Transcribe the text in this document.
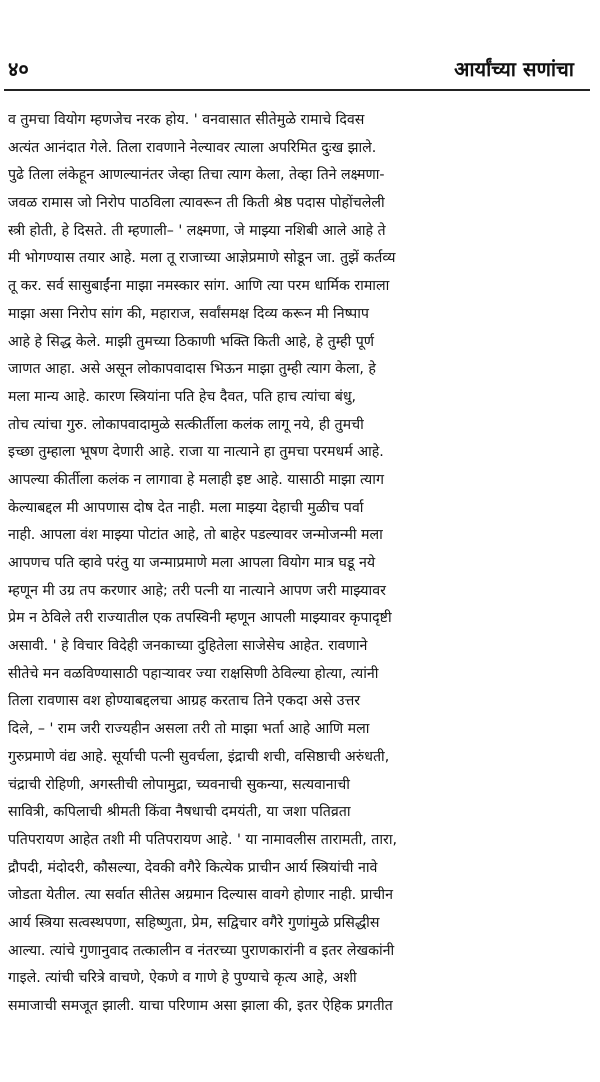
४०	आर्यांच्या सणांचा
व तुमचा वियोग म्हणजेच नरक होय. ' वनवासात सीतेमुळे रामाचे दिवस
अत्यंत आनंदात गेले. तिला रावणाने नेल्यावर त्याला अपरिमित दुःख झाले.
पुढे तिला लंकेहून आणल्यानंतर जेव्हा तिचा त्याग केला, तेव्हा तिने लक्ष्मणा-
जवळ रामास जो निरोप पाठविला त्यावरून ती किती श्रेष्ठ पदास पोहोंचलेली
स्त्री होती, हे दिसते. ती म्हणाली– ' लक्ष्मणा, जे माझ्या नशिबी आले आहे ते
मी भोगण्यास तयार आहे. मला तू राजाच्या आज्ञेप्रमाणे सोडून जा. तुझें कर्तव्य
तू कर. सर्व सासुबाईंना माझा नमस्कार सांग. आणि त्या परम धार्मिक रामाला
माझा असा निरोप सांग की, महाराज, सर्वांसमक्ष दिव्य करून मी निष्पाप
आहे हे सिद्ध केले. माझी तुमच्या ठिकाणी भक्ति किती आहे, हे तुम्ही पूर्ण
जाणत आहा. असे असून लोकापवादास भिऊन माझा तुम्ही त्याग केला, हे
मला मान्य आहे. कारण स्त्रियांना पति हेच दैवत, पति हाच त्यांचा बंधु,
तोच त्यांचा गुरु. लोकापवादामुळे सत्कीर्तीला कलंक लागू नये, ही तुमची
इच्छा तुम्हाला भूषण देणारी आहे. राजा या नात्याने हा तुमचा परमधर्म आहे.
आपल्या कीर्तीला कलंक न लागावा हे मलाही इष्ट आहे. यासाठी माझा त्याग
केल्याबद्दल मी आपणास दोष देत नाही. मला माझ्या देहाची मुळीच पर्वा
नाही. आपला वंश माझ्या पोटांत आहे, तो बाहेर पडल्यावर जन्मोजन्मी मला
आपणच पति व्हावे परंतु या जन्माप्रमाणे मला आपला वियोग मात्र घडू नये
म्हणून मी उग्र तप करणार आहे; तरी पत्नी या नात्याने आपण जरी माझ्यावर
प्रेम न ठेविले तरी राज्यातील एक तपस्विनी म्हणून आपली माझ्यावर कृपादृष्टी
असावी. ' हे विचार विदेही जनकाच्या दुहितेला साजेसेच आहेत. रावणाने
सीतेचे मन वळविण्यासाठी पहाऱ्यावर ज्या राक्षसिणी ठेविल्या होत्या, त्यांनी
तिला रावणास वश होण्याबद्दलचा आग्रह करताच तिने एकदा असे उत्तर
दिले, – ' राम जरी राज्यहीन असला तरी तो माझा भर्ता आहे आणि मला
गुरुप्रमाणे वंद्य आहे. सूर्याची पत्नी सुवर्चला, इंद्राची शची, वसिष्ठाची अरुंधती,
चंद्राची रोहिणी, अगस्तीची लोपामुद्रा, च्यवनाची सुकन्या, सत्यवानाची
सावित्री, कपिलाची श्रीमती किंवा नैषधाची दमयंती, या जशा पतिव्रता
पतिपरायण आहेत तशी मी पतिपरायण आहे. ' या नामावलीस तारामती, तारा,
द्रौपदी, मंदोदरी, कौसल्या, देवकी वगैरे कित्येक प्राचीन आर्य स्त्रियांची नावे
जोडता येतील. त्या सर्वात सीतेस अग्रमान दिल्यास वावगे होणार नाही. प्राचीन
आर्य स्त्रिया सत्वस्थपणा, सहिष्णुता, प्रेम, सद्विचार वगैरे गुणांमुळे प्रसिद्धीस
आल्या. त्यांचे गुणानुवाद तत्कालीन व नंतरच्या पुराणकारांनी व इतर लेखकांनी
गाइले. त्यांची चरित्रे वाचणे, ऐकणे व गाणे हे पुण्याचे कृत्य आहे, अशी
समाजाची समजूत झाली. याचा परिणाम असा झाला की, इतर ऐहिक प्रगतीत
